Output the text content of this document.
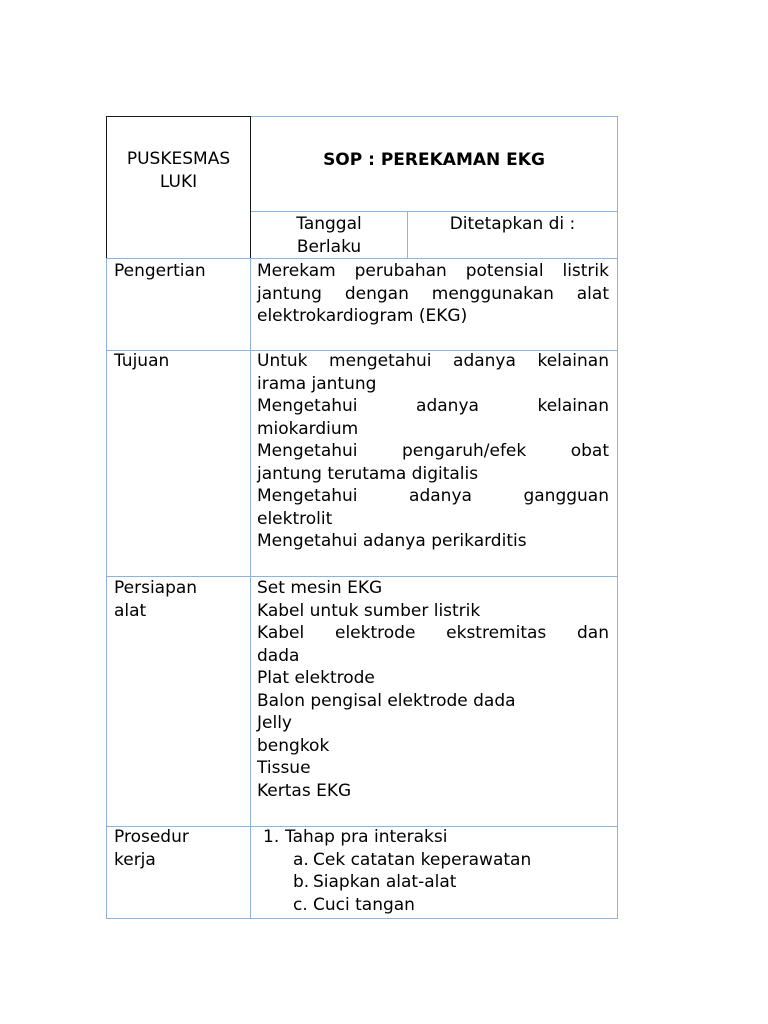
PUSKESMAS
LUKI
SOP : PEREKAMAN EKG
Tanggal
Berlaku
Ditetapkan di :
Pengertian	Merekam perubahan potensial listrik

jantung dengan menggunakan alat

elektrokardiogram (EKG)

Tujuan	Untuk mengetahui adanya kelainan

irama jantung

Mengetahui adanya kelainan

miokardium

Mengetahui pengaruh/efek obat

jantung terutama digitalis

Mengetahui adanya gangguan

elektrolit

Mengetahui adanya perikarditis

Persiapan
alat

Set mesin EKG

Kabel untuk sumber listrik

Kabel elektrode ekstremitas dan

dada

Plat elektrode

Balon pengisal elektrode dada

Jelly

bengkok

Tissue

Kertas EKG

Prosedur
kerja
1. Tahap pra interaksi
a. Cek catatan keperawatan
b. Siapkan alat-alat
c. Cuci tangan
